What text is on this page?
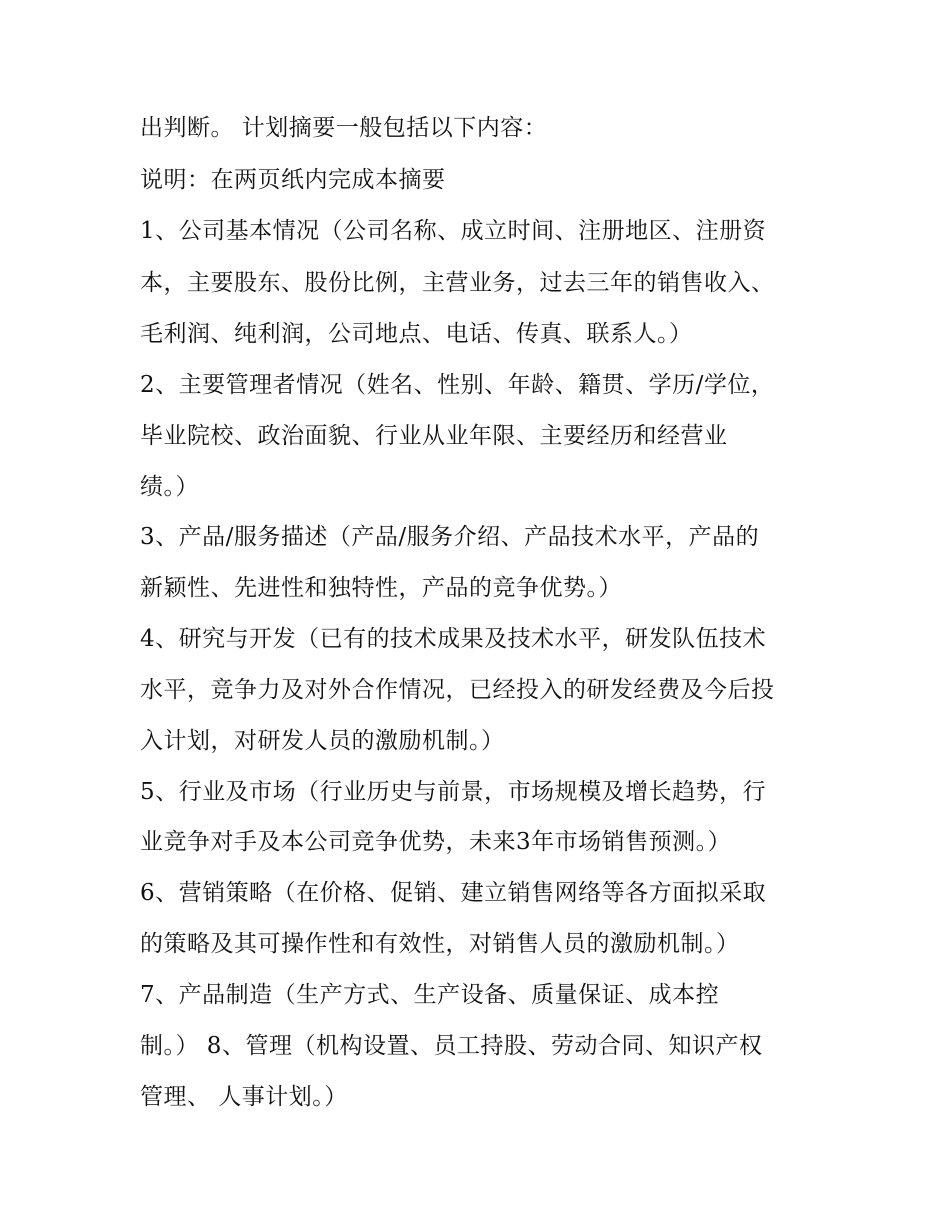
出判断。 计划摘要一般包括以下内容：
说明：在两页纸内完成本摘要
1、公司基本情况（公司名称、成立时间、注册地区、注册资
本，主要股东、股份比例，主营业务，过去三年的销售收入、
毛利润、纯利润，公司地点、电话、传真、联系人。）
2、主要管理者情况（姓名、性别、年龄、籍贯、学历/学位，
毕业院校、政治面貌、行业从业年限、主要经历和经营业
绩。）
3、产品/服务描述（产品/服务介绍、产品技术水平，产品的
新颖性、先进性和独特性，产品的竞争优势。）
4、研究与开发（已有的技术成果及技术水平，研发队伍技术
水平，竞争力及对外合作情况，已经投入的研发经费及今后投
入计划，对研发人员的激励机制。）
5、行业及市场（行业历史与前景，市场规模及增长趋势，行
业竞争对手及本公司竞争优势，未来3年市场销售预测。）
6、营销策略（在价格、促销、建立销售网络等各方面拟采取
的策略及其可操作性和有效性，对销售人员的激励机制。）
7、产品制造（生产方式、生产设备、质量保证、成本控
制。） 8、管理（机构设置、员工持股、劳动合同、知识产权
管理、 人事计划。）
